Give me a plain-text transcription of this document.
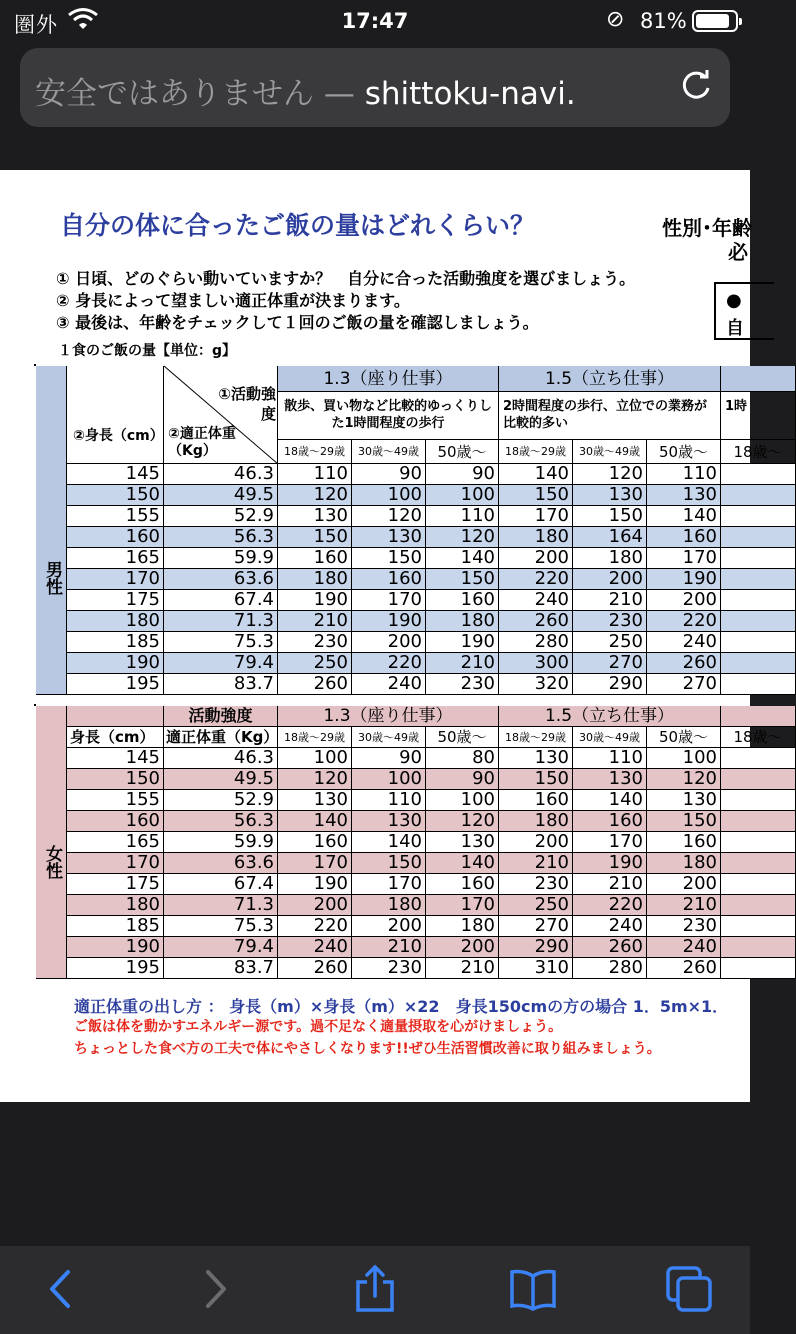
圏外	17:47	⊘ 81%
安全ではありません — shittoku-navi.
自分の体に合ったご飯の量はどれくらい？	性別･年齢
必
① 日頃、どのぐらい動いていますか？　自分に合った活動強度を選びましょう。
② 身長によって望ましい適正体重が決まります。
③ 最後は、年齢をチェックして１回のご飯の量を確認しましょう。
●
自
１食のご飯の量【単位：g】
男性
②身長（cm）
①活動強度
②適正体重（Kg）
1.3（座り仕事）	1.5（立ち仕事）
散歩、買い物など比較的ゆっくりした1時間程度の歩行
2時間程度の歩行、立位での業務が比較的多い
1時
18歳～29歳	30歳～49歳	50歳～	18歳～29歳	30歳～49歳	50歳～	18歳～
145	46.3	110	90	90	140	120	110
150	49.5	120	100	100	150	130	130
155	52.9	130	120	110	170	150	140
160	56.3	150	130	120	180	164	160
165	59.9	160	150	140	200	180	170
170	63.6	180	160	150	220	200	190
175	67.4	190	170	160	240	210	200
180	71.3	210	190	180	260	230	220
185	75.3	230	200	190	280	250	240
190	79.4	250	220	210	300	270	260
195	83.7	260	240	230	320	290	270
女性
活動強度	1.3（座り仕事）	1.5（立ち仕事）
身長（cm） 適正体重（Kg） 18歳～29歳	30歳～49歳	50歳～	18歳～29歳	30歳～49歳	50歳～	18歳～
145	46.3	100	90	80	130	110	100
150	49.5	120	100	90	150	130	120
155	52.9	130	110	100	160	140	130
160	56.3	140	130	120	180	160	150
165	59.9	160	140	130	200	170	160
170	63.6	170	150	140	210	190	180
175	67.4	190	170	160	230	210	200
180	71.3	200	180	170	250	220	210
185	75.3	220	200	180	270	240	230
190	79.4	240	210	200	290	260	240
195	83.7	260	230	210	310	280	260
適正体重の出し方 ： 身長（m）×身長（m）×22　身長150cmの方の場合 1．5m×1．
ご飯は体を動かすエネルギー源です。過不足なく適量摂取を心がけましょう。
ちょっとした食べ方の工夫で体にやさしくなります!!ぜひ生活習慣改善に取り組みましょう。
